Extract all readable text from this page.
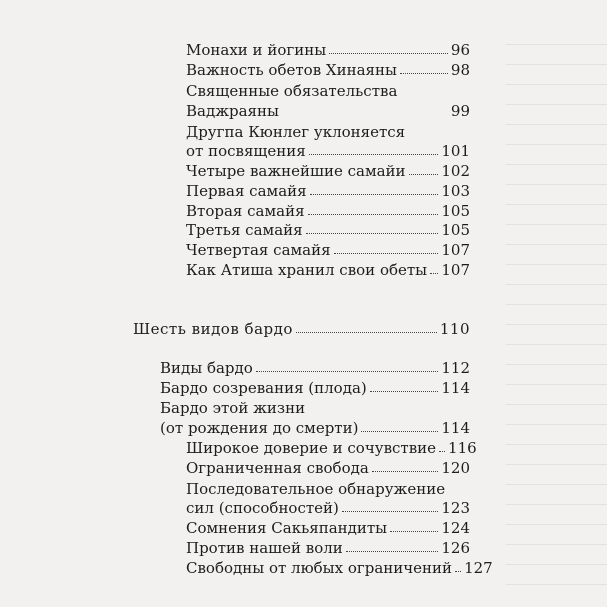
Монахи и йогины	96
Важность обетов Хинаяны	98
Священные обязательства
Ваджраяны	99
Другпа Кюнлег уклоняется
от посвящения	101
Четыре важнейшие самайи 102
Первая самайя	103
Вторая самайя	105
Третья самайя	105
Четвертая самайя	107
Как Атиша хранил свои обеты 107
Шесть видов бардо	110
Виды бардо	112
Бардо созревания (плода)	114
Бардо этой жизни
(от рождения до смерти)	114
Широкое доверие и сочувствие 116
Ограниченная свобода	120
Последовательное обнаружение
сил (способностей)	123
Сомнения Сакьяпандиты	124
Против нашей воли	126
Свободны от любых ограничений 127
